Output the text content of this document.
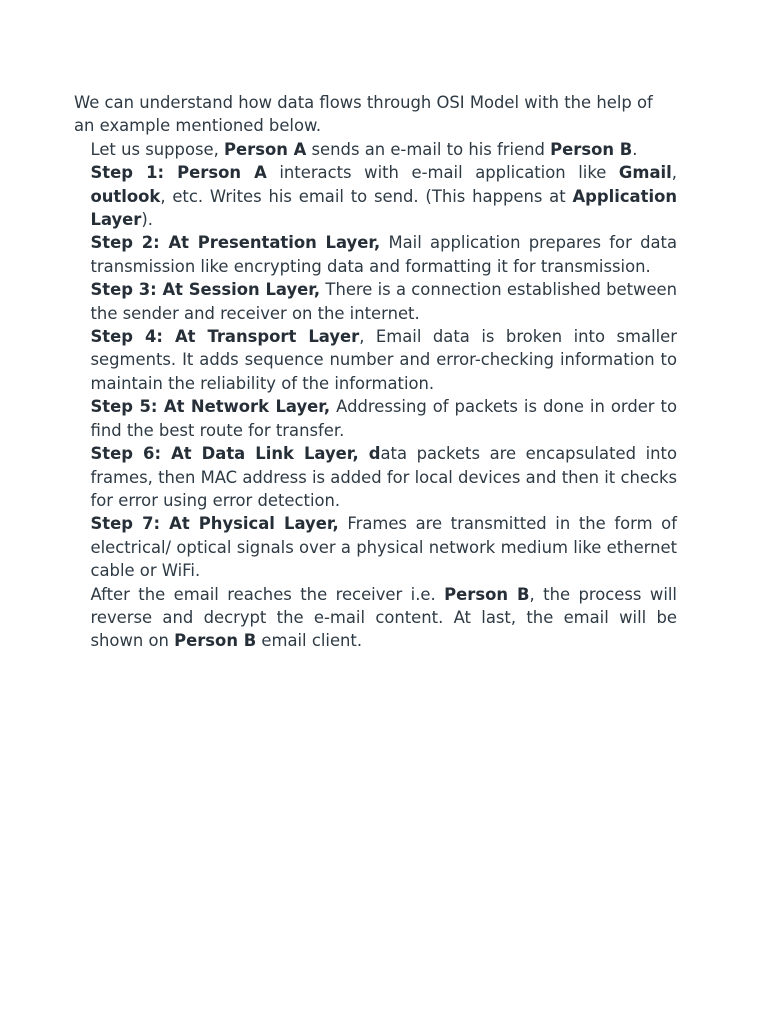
We can understand how data flows through OSI Model with the help of an example mentioned below.

Let us suppose, Person A sends an e-mail to his friend Person B.

Step 1: Person A interacts with e-mail application like Gmail, outlook, etc. Writes his email to send. (This happens at Application Layer).

Step 2: At Presentation Layer, Mail application prepares for data transmission like encrypting data and formatting it for transmission.

Step 3: At Session Layer, There is a connection established between the sender and receiver on the internet.

Step 4: At Transport Layer, Email data is broken into smaller segments. It adds sequence number and error-checking information to maintain the reliability of the information.

Step 5: At Network Layer, Addressing of packets is done in order to find the best route for transfer.

Step 6: At Data Link Layer, data packets are encapsulated into frames, then MAC address is added for local devices and then it checks for error using error detection.

Step 7: At Physical Layer, Frames are transmitted in the form of electrical/ optical signals over a physical network medium like ethernet cable or WiFi.

After the email reaches the receiver i.e. Person B, the process will reverse and decrypt the e-mail content. At last, the email will be shown on Person B email client.
